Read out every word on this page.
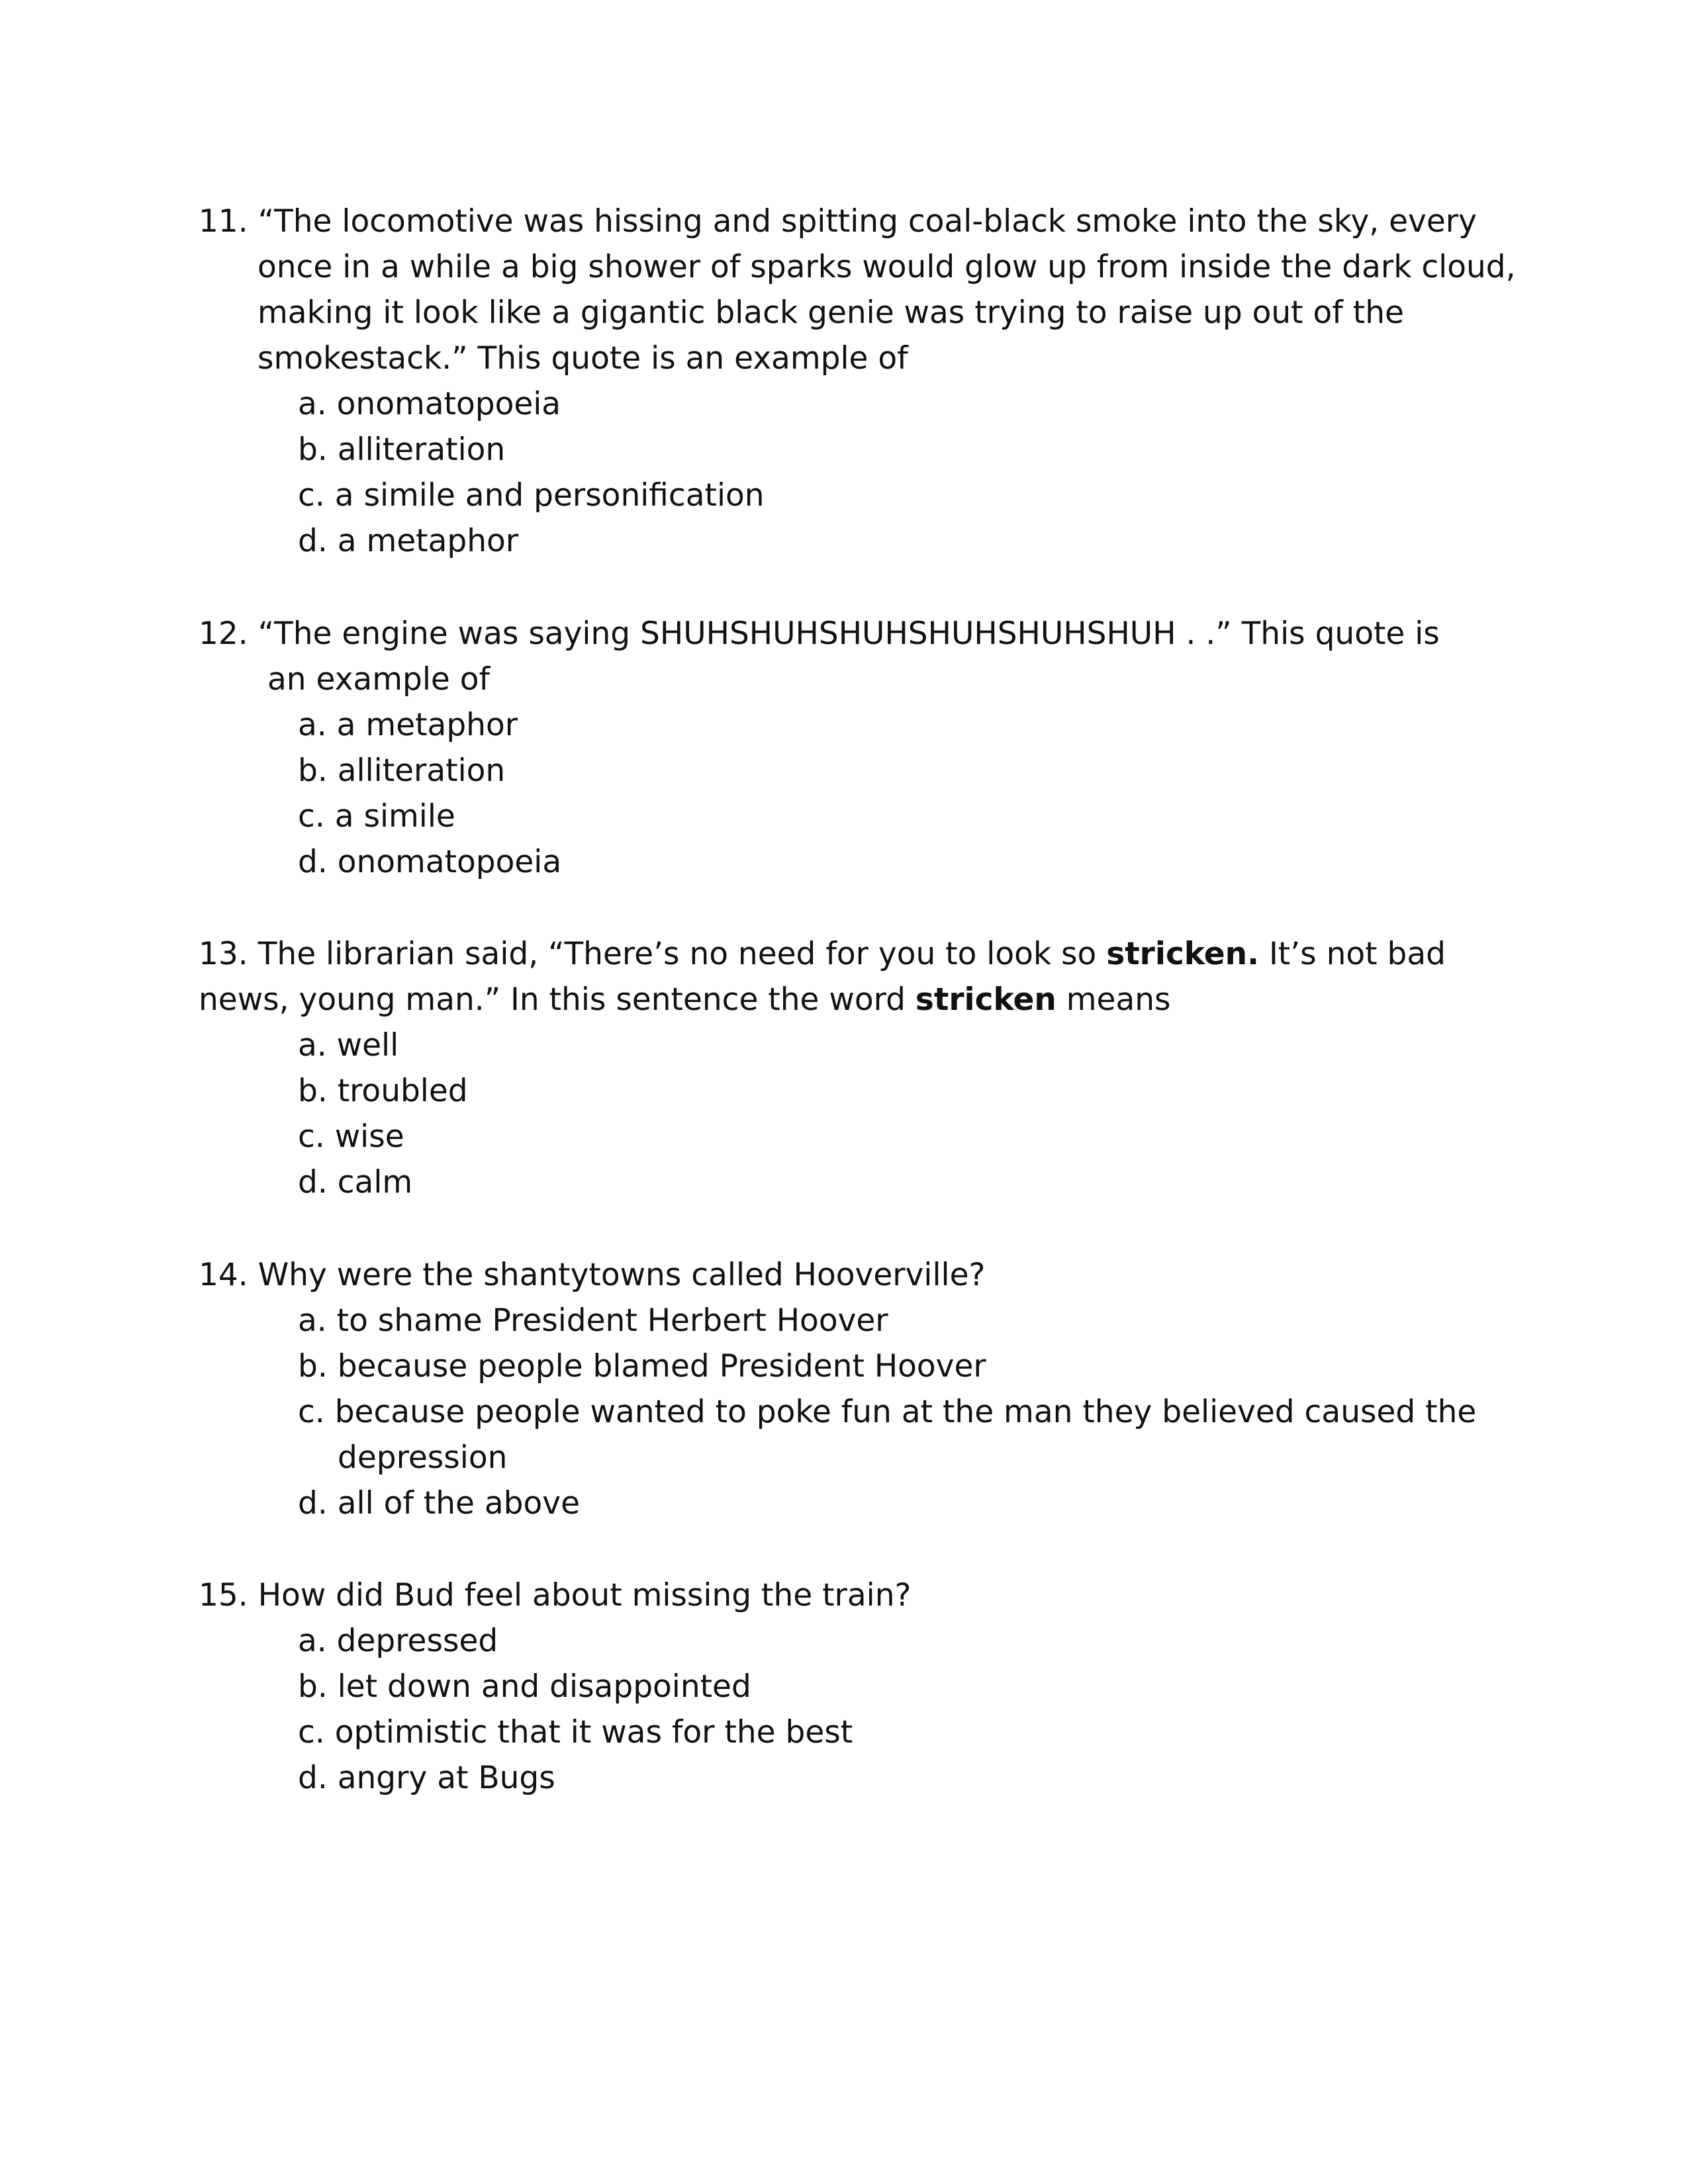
11. “The locomotive was hissing and spitting coal-black smoke into the sky, every
once in a while a big shower of sparks would glow up from inside the dark cloud,
making it look like a gigantic black genie was trying to raise up out of the
smokestack.” This quote is an example of
a. onomatopoeia
b. alliteration
c. a simile and personification
d. a metaphor
12. “The engine was saying SHUHSHUHSHUHSHUHSHUHSHUH . .” This quote is
an example of
a. a metaphor
b. alliteration
c. a simile
d. onomatopoeia
13. The librarian said, “There’s no need for you to look so stricken. It’s not bad
news, young man.” In this sentence the word stricken means
a. well
b. troubled
c. wise
d. calm
14. Why were the shantytowns called Hooverville?
a. to shame President Herbert Hoover
b. because people blamed President Hoover
c. because people wanted to poke fun at the man they believed caused the
depression
d. all of the above
15. How did Bud feel about missing the train?
a. depressed
b. let down and disappointed
c. optimistic that it was for the best
d. angry at Bugs
